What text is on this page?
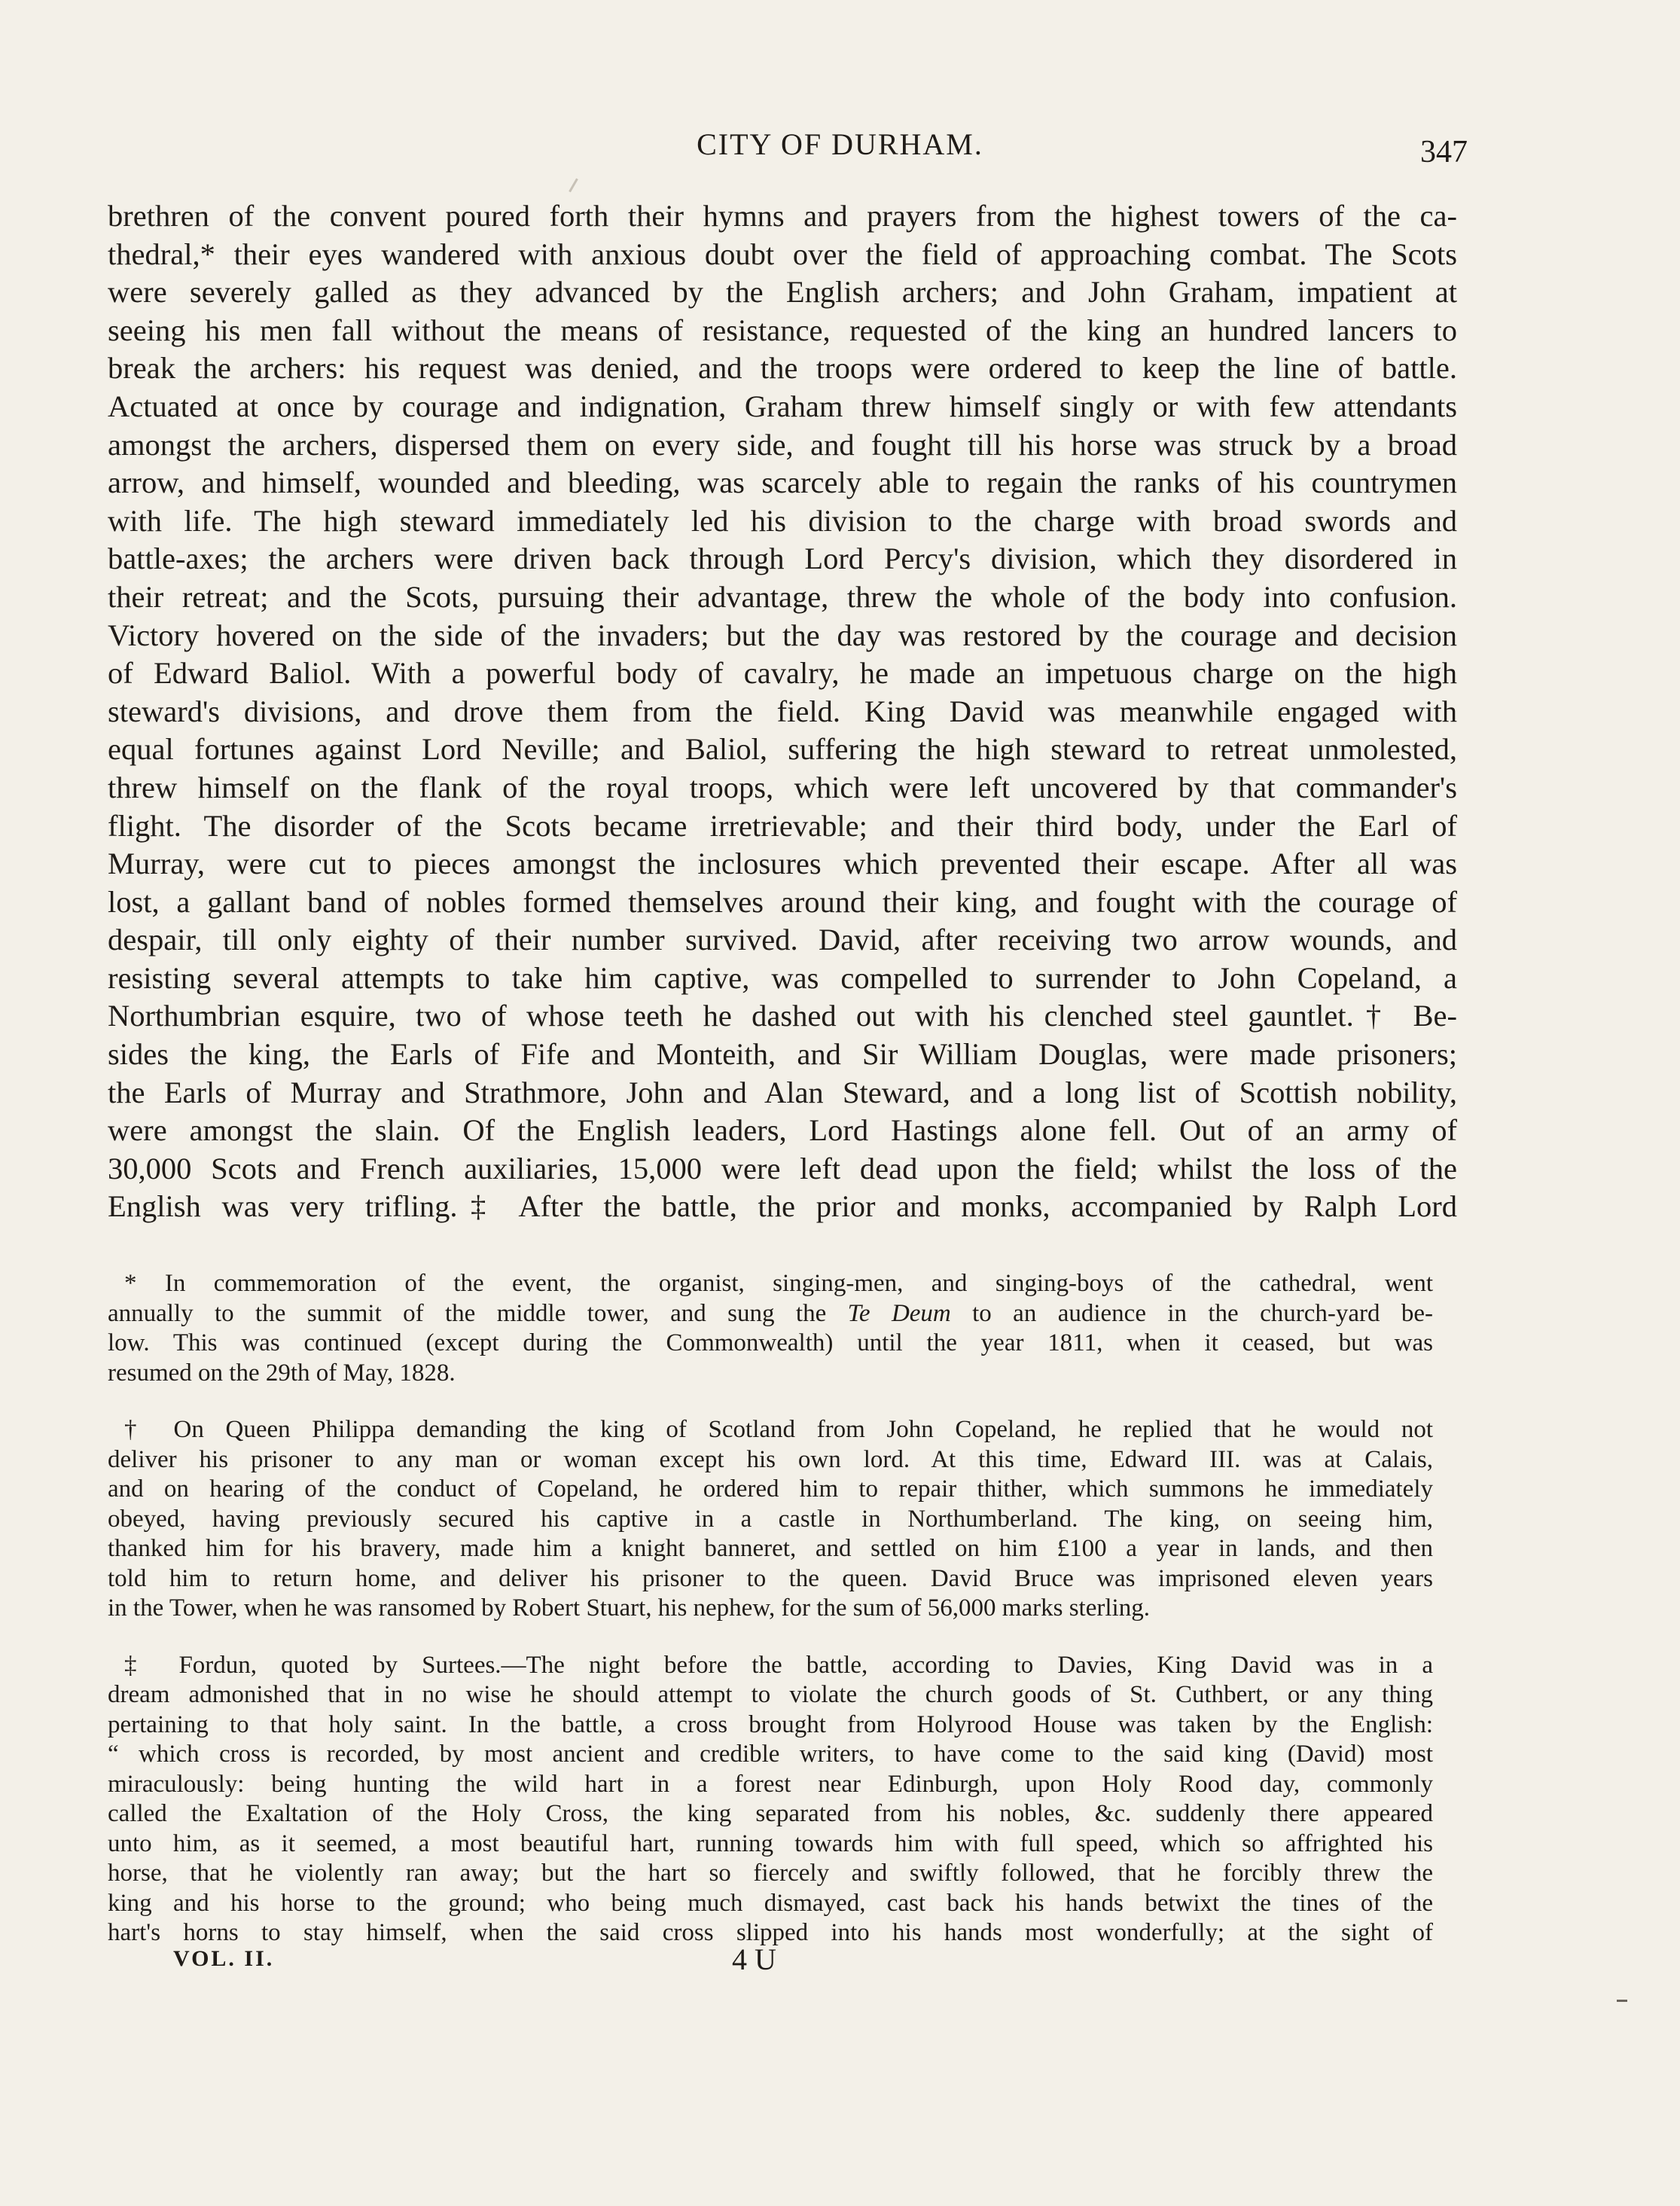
CITY OF DURHAM.	347
brethren of the convent poured forth their hymns and prayers from the highest towers of the ca-
thedral,* their eyes wandered with anxious doubt over the field of approaching combat. The Scots
were severely galled as they advanced by the English archers; and John Graham, impatient at
seeing his men fall without the means of resistance, requested of the king an hundred lancers to
break the archers: his request was denied, and the troops were ordered to keep the line of battle.
Actuated at once by courage and indignation, Graham threw himself singly or with few attendants
amongst the archers, dispersed them on every side, and fought till his horse was struck by a broad
arrow, and himself, wounded and bleeding, was scarcely able to regain the ranks of his countrymen
with life. The high steward immediately led his division to the charge with broad swords and
battle-axes; the archers were driven back through Lord Percy's division, which they disordered in
their retreat; and the Scots, pursuing their advantage, threw the whole of the body into confusion.
Victory hovered on the side of the invaders; but the day was restored by the courage and decision
of Edward Baliol. With a powerful body of cavalry, he made an impetuous charge on the high
steward's divisions, and drove them from the field. King David was meanwhile engaged with
equal fortunes against Lord Neville; and Baliol, suffering the high steward to retreat unmolested,
threw himself on the flank of the royal troops, which were left uncovered by that commander's
flight. The disorder of the Scots became irretrievable; and their third body, under the Earl of
Murray, were cut to pieces amongst the inclosures which prevented their escape. After all was
lost, a gallant band of nobles formed themselves around their king, and fought with the courage of
despair, till only eighty of their number survived. David, after receiving two arrow wounds, and
resisting several attempts to take him captive, was compelled to surrender to John Copeland, a
Northumbrian esquire, two of whose teeth he dashed out with his clenched steel gauntlet.† Be-
sides the king, the Earls of Fife and Monteith, and Sir William Douglas, were made prisoners;
the Earls of Murray and Strathmore, John and Alan Steward, and a long list of Scottish nobility,
were amongst the slain. Of the English leaders, Lord Hastings alone fell. Out of an army of
30,000 Scots and French auxiliaries, 15,000 were left dead upon the field; whilst the loss of the
English was very trifling.‡ After the battle, the prior and monks, accompanied by Ralph Lord
* In commemoration of the event, the organist, singing-men, and singing-boys of the cathedral, went
annually to the summit of the middle tower, and sung the Te Deum to an audience in the church-yard be-
low. This was continued (except during the Commonwealth) until the year 1811, when it ceased, but was
resumed on the 29th of May, 1828.
† On Queen Philippa demanding the king of Scotland from John Copeland, he replied that he would not
deliver his prisoner to any man or woman except his own lord. At this time, Edward III. was at Calais,
and on hearing of the conduct of Copeland, he ordered him to repair thither, which summons he immediately
obeyed, having previously secured his captive in a castle in Northumberland. The king, on seeing him,
thanked him for his bravery, made him a knight banneret, and settled on him £100 a year in lands, and then
told him to return home, and deliver his prisoner to the queen. David Bruce was imprisoned eleven years
in the Tower, when he was ransomed by Robert Stuart, his nephew, for the sum of 56,000 marks sterling.
‡ Fordun, quoted by Surtees.—The night before the battle, according to Davies, King David was in a
dream admonished that in no wise he should attempt to violate the church goods of St. Cuthbert, or any thing
pertaining to that holy saint. In the battle, a cross brought from Holyrood House was taken by the English:
“ which cross is recorded, by most ancient and credible writers, to have come to the said king (David) most
miraculously: being hunting the wild hart in a forest near Edinburgh, upon Holy Rood day, commonly
called the Exaltation of the Holy Cross, the king separated from his nobles, &c. suddenly there appeared
unto him, as it seemed, a most beautiful hart, running towards him with full speed, which so affrighted his
horse, that he violently ran away; but the hart so fiercely and swiftly followed, that he forcibly threw the
king and his horse to the ground; who being much dismayed, cast back his hands betwixt the tines of the
hart's horns to stay himself, when the said cross slipped into his hands most wonderfully; at the sight of
VOL. II.	4 U
